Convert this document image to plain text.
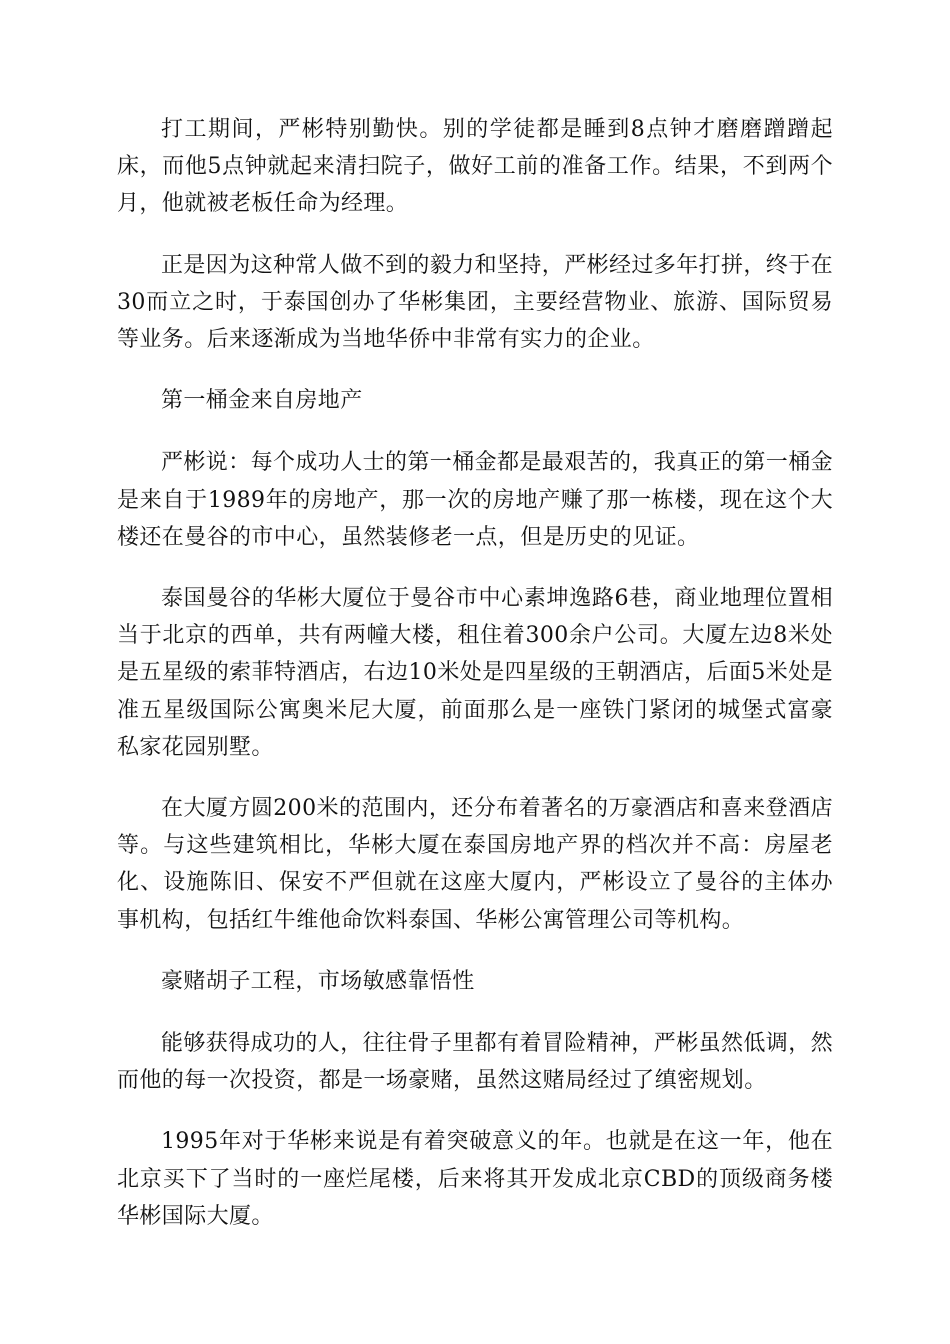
打工期间，严彬特别勤快。别的学徒都是睡到8点钟才磨磨蹭蹭起床，而他5点钟就起来清扫院子，做好工前的准备工作。结果，不到两个月，他就被老板任命为经理。

正是因为这种常人做不到的毅力和坚持，严彬经过多年打拼，终于在30而立之时，于泰国创办了华彬集团，主要经营物业、旅游、国际贸易等业务。后来逐渐成为当地华侨中非常有实力的企业。

第一桶金来自房地产

严彬说：每个成功人士的第一桶金都是最艰苦的，我真正的第一桶金是来自于1989年的房地产，那一次的房地产赚了那一栋楼，现在这个大楼还在曼谷的市中心，虽然装修老一点，但是历史的见证。

泰国曼谷的华彬大厦位于曼谷市中心素坤逸路6巷，商业地理位置相当于北京的西单，共有两幢大楼，租住着300余户公司。大厦左边8米处是五星级的索菲特酒店，右边10米处是四星级的王朝酒店，后面5米处是准五星级国际公寓奥米尼大厦，前面那么是一座铁门紧闭的城堡式富豪私家花园别墅。

在大厦方圆200米的范围内，还分布着著名的万豪酒店和喜来登酒店等。与这些建筑相比，华彬大厦在泰国房地产界的档次并不高：房屋老化、设施陈旧、保安不严但就在这座大厦内，严彬设立了曼谷的主体办事机构，包括红牛维他命饮料泰国、华彬公寓管理公司等机构。

豪赌胡子工程，市场敏感靠悟性

能够获得成功的人，往往骨子里都有着冒险精神，严彬虽然低调，然而他的每一次投资，都是一场豪赌，虽然这赌局经过了缜密规划。

1995年对于华彬来说是有着突破意义的年。也就是在这一年，他在北京买下了当时的一座烂尾楼，后来将其开发成北京CBD的顶级商务楼华彬国际大厦。
